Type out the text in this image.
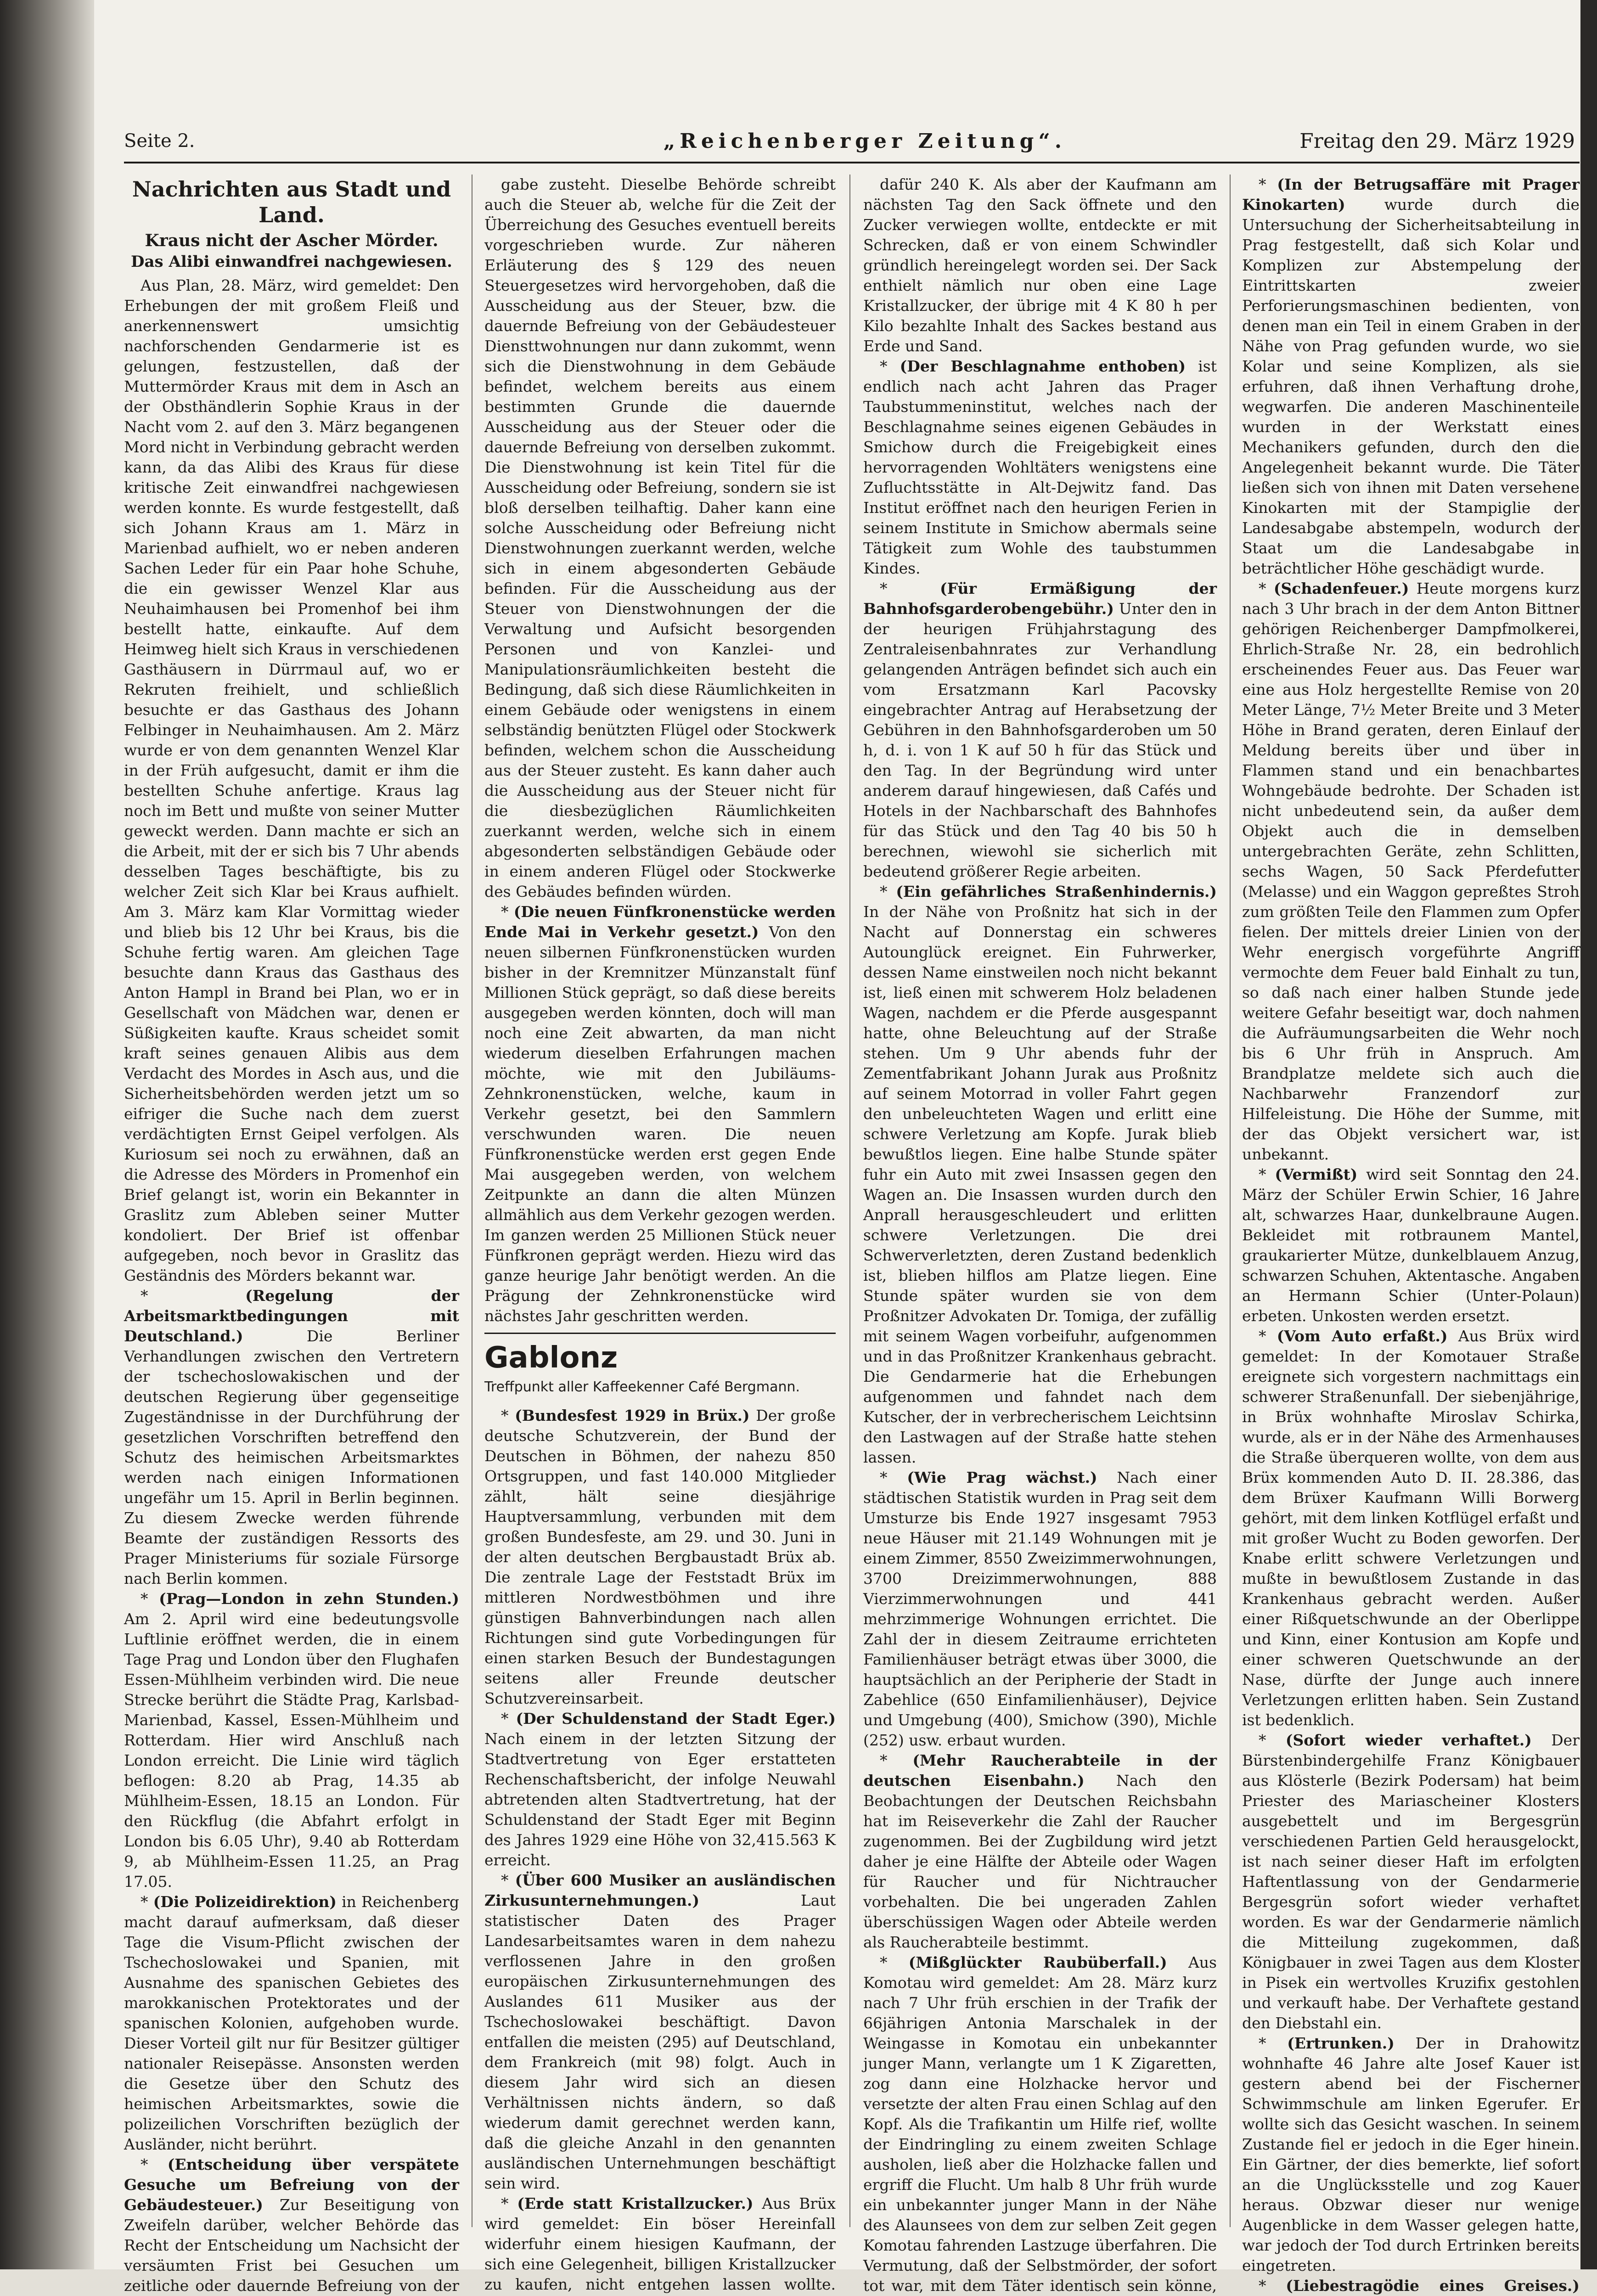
Seite 2.	„Reichenberger Zeitung“.	Freitag den 29. März 1929
Nachrichten aus Stadt und Land.
Kraus nicht der Ascher Mörder.
Das Alibi einwandfrei nachgewiesen.

Aus Plan, 28. März, wird gemeldet: Den Erhebungen der mit großem Fleiß und anerkennenswert umsichtig nachforschenden Gendarmerie ist es gelungen, festzustellen, daß der Muttermörder Kraus mit dem in Asch an der Obsthändlerin Sophie Kraus in der Nacht vom 2. auf den 3. März begangenen Mord nicht in Verbindung gebracht werden kann, da das Alibi des Kraus für diese kritische Zeit einwandfrei nachgewiesen werden konnte. Es wurde festgestellt, daß sich Johann Kraus am 1. März in Marienbad aufhielt, wo er neben anderen Sachen Leder für ein Paar hohe Schuhe, die ein gewisser Wenzel Klar aus Neuhaimhausen bei Promenhof bei ihm bestellt hatte, einkaufte. Auf dem Heimweg hielt sich Kraus in verschiedenen Gasthäusern in Dürrmaul auf, wo er Rekruten freihielt, und schließlich besuchte er das Gasthaus des Johann Felbinger in Neuhaimhausen. Am 2. März wurde er von dem genannten Wenzel Klar in der Früh aufgesucht, damit er ihm die bestellten Schuhe anfertige. Kraus lag noch im Bett und mußte von seiner Mutter geweckt werden. Dann machte er sich an die Arbeit, mit der er sich bis 7 Uhr abends desselben Tages beschäftigte, bis zu welcher Zeit sich Klar bei Kraus aufhielt. Am 3. März kam Klar Vormittag wieder und blieb bis 12 Uhr bei Kraus, bis die Schuhe fertig waren. Am gleichen Tage besuchte dann Kraus das Gasthaus des Anton Hampl in Brand bei Plan, wo er in Gesellschaft von Mädchen war, denen er Süßigkeiten kaufte. Kraus scheidet somit kraft seines genauen Alibis aus dem Verdacht des Mordes in Asch aus, und die Sicherheitsbehörden werden jetzt um so eifriger die Suche nach dem zuerst verdächtigten Ernst Geipel verfolgen. Als Kuriosum sei noch zu erwähnen, daß an die Adresse des Mörders in Promenhof ein Brief gelangt ist, worin ein Bekannter in Graslitz zum Ableben seiner Mutter kondoliert. Der Brief ist offenbar aufgegeben, noch bevor in Graslitz das Geständnis des Mörders bekannt war.

* (Regelung der Arbeitsmarktbedingungen mit Deutschland.)	Die Berliner Verhandlungen zwischen den Vertretern der tschechoslowakischen und der deutschen Regierung über gegenseitige Zugeständnisse in der Durchführung der gesetzlichen Vorschriften betreffend den Schutz des heimischen Arbeitsmarktes werden nach einigen Informationen ungefähr um 15. April in Berlin beginnen. Zu diesem Zwecke werden führende Beamte der zuständigen Ressorts des Prager Ministeriums für soziale Fürsorge nach Berlin kommen.

* (Prag—London in zehn Stunden.) Am 2. April wird eine bedeutungsvolle Luftlinie eröffnet werden, die in einem Tage Prag und London über den Flughafen Essen-Mühlheim verbinden wird. Die neue Strecke berührt die Städte Prag, Karlsbad-Marienbad, Kassel, Essen-Mühlheim und Rotterdam. Hier wird Anschluß nach London erreicht. Die Linie wird täglich beflogen: 8.20 ab Prag, 14.35 ab Mühlheim-Essen, 18.15 an London. Für den Rückflug (die Abfahrt erfolgt in London bis 6.05 Uhr), 9.40 ab Rotterdam 9, ab Mühlheim-Essen 11.25, an Prag 17.05.

* (Die Polizeidirektion) in Reichenberg macht darauf aufmerksam, daß dieser Tage die Visum-Pflicht zwischen der Tschechoslowakei und Spanien, mit Ausnahme des spanischen Gebietes des marokkanischen Protektorates und der spanischen Kolonien, aufgehoben wurde. Dieser Vorteil gilt nur für Besitzer gültiger nationaler Reisepässe. Ansonsten werden die Gesetze über den Schutz des heimischen Arbeitsmarktes, sowie die polizeilichen Vorschriften bezüglich der Ausländer, nicht berührt.

* (Entscheidung über verspätete Gesuche um Befreiung von der Gebäudesteuer.) Zur Beseitigung von Zweifeln darüber, welcher Behörde das Recht der Entscheidung um Nachsicht der versäumten Frist bei Gesuchen um zeitliche oder dauernde Befreiung von der

gabe zusteht. Dieselbe Behörde schreibt auch die Steuer ab, welche für die Zeit der Überreichung des Gesuches eventuell bereits vorgeschrieben wurde. Zur näheren Erläuterung des § 129 des neuen Steuergesetzes wird hervorgehoben, daß die Ausscheidung aus der Steuer, bzw. die dauernde Befreiung von der Gebäudesteuer Diensttwohnungen nur dann zukommt, wenn sich die Dienstwohnung in dem Gebäude befindet, welchem bereits aus einem bestimmten Grunde die dauernde Ausscheidung aus der Steuer oder die dauernde Befreiung von derselben zukommt. Die Dienstwohnung ist kein Titel für die Ausscheidung oder Befreiung, sondern sie ist bloß derselben teilhaftig. Daher kann eine solche Ausscheidung oder Befreiung nicht Dienstwohnungen zuerkannt werden, welche sich in einem abgesonderten Gebäude befinden. Für die Ausscheidung aus der Steuer von Dienstwohnungen der die Verwaltung und Aufsicht besorgenden Personen und von Kanzlei- und Manipulationsräumlichkeiten besteht die Bedingung, daß sich diese Räumlichkeiten in einem Gebäude oder wenigstens in einem selbständig benützten Flügel oder Stockwerk befinden, welchem schon die Ausscheidung aus der Steuer zusteht. Es kann daher auch die Ausscheidung aus der Steuer nicht für die diesbezüglichen Räumlichkeiten zuerkannt werden, welche sich in einem abgesonderten selbständigen Gebäude oder in einem anderen Flügel oder Stockwerke des Gebäudes befinden würden.

* (Die neuen Fünfkronenstücke werden Ende Mai in Verkehr gesetzt.) Von den neuen silbernen Fünfkronenstücken wurden bisher in der Kremnitzer Münzanstalt fünf Millionen Stück geprägt, so daß diese bereits ausgegeben werden könnten, doch will man noch eine Zeit abwarten, da man nicht wiederum dieselben Erfahrungen machen möchte, wie mit den Jubiläums-Zehnkronenstücken, welche, kaum in Verkehr gesetzt, bei den Sammlern verschwunden waren. Die neuen Fünfkronenstücke werden erst gegen Ende Mai ausgegeben werden, von welchem Zeitpunkte an dann die alten Münzen allmählich aus dem Verkehr gezogen werden. Im ganzen werden 25 Millionen Stück neuer Fünfkronen geprägt werden. Hiezu wird das ganze heurige Jahr benötigt werden. An die Prägung der Zehnkronenstücke wird nächstes Jahr geschritten werden.

Gablonz
Treffpunkt aller Kaffeekenner Café Bergmann.

* (Bundesfest 1929 in Brüx.) Der große deutsche Schutzverein, der Bund der Deutschen in Böhmen, der nahezu 850 Ortsgruppen, und fast 140.000 Mitglieder zählt, hält seine diesjährige Hauptversammlung, verbunden mit dem großen Bundesfeste, am 29. und 30. Juni in der alten deutschen Bergbaustadt Brüx ab. Die zentrale Lage der Feststadt Brüx im mittleren Nordwestböhmen und ihre günstigen Bahnverbindungen nach allen Richtungen sind gute Vorbedingungen für einen starken Besuch der Bundestagungen seitens aller Freunde deutscher Schutzvereinsarbeit.

* (Der Schuldenstand der Stadt Eger.) Nach einem in der letzten Sitzung der Stadtvertretung von Eger erstatteten Rechenschaftsbericht, der infolge Neuwahl abtretenden alten Stadtvertretung, hat der Schuldenstand der Stadt Eger mit Beginn des Jahres 1929 eine Höhe von 32,415.563 K erreicht.

* (Über 600 Musiker an ausländischen Zirkusunternehmungen.)	Laut statistischer Daten des Prager Landesarbeitsamtes waren in dem nahezu verflossenen Jahre in den großen europäischen Zirkusunternehmungen des Auslandes 611 Musiker aus der Tschechoslowakei beschäftigt. Davon entfallen die meisten (295) auf Deutschland, dem Frankreich (mit 98) folgt. Auch in diesem Jahr wird sich an diesen Verhältnissen nichts ändern, so daß wiederum damit gerechnet werden kann, daß die gleiche Anzahl in den genannten ausländischen Unternehmungen beschäftigt sein wird.

* (Erde statt Kristallzucker.) Aus Brüx wird gemeldet: Ein böser Hereinfall widerfuhr einem hiesigen Kaufmann, der sich eine Gelegenheit, billigen Kristallzucker zu kaufen, nicht entgehen lassen wollte.

dafür 240 K. Als aber der Kaufmann am nächsten Tag den Sack öffnete und den Zucker verwiegen wollte, entdeckte er mit Schrecken, daß er von einem Schwindler gründlich hereingelegt worden sei. Der Sack enthielt nämlich nur oben eine Lage Kristallzucker, der übrige mit 4 K 80 h per Kilo bezahlte Inhalt des Sackes bestand aus Erde und Sand.

* (Der Beschlagnahme enthoben) ist endlich nach acht Jahren das Prager Taubstummeninstitut, welches nach der Beschlagnahme seines eigenen Gebäudes in Smichow durch die Freigebigkeit eines hervorragenden Wohltäters wenigstens eine Zufluchtsstätte in Alt-Dejwitz fand. Das Institut eröffnet nach den heurigen Ferien in seinem Institute in Smichow abermals seine Tätigkeit zum Wohle des taubstummen Kindes.

* (Für Ermäßigung der Bahnhofsgarderobengebühr.) Unter den in der heurigen Frühjahrstagung des Zentraleisenbahnrates zur Verhandlung gelangenden Anträgen befindet sich auch ein vom Ersatzmann Karl Pacovsky eingebrachter Antrag auf Herabsetzung der Gebühren in den Bahnhofsgarderoben um 50 h, d. i. von 1 K auf 50 h für das Stück und den Tag. In der Begründung wird unter anderem darauf hingewiesen, daß Cafés und Hotels in der Nachbarschaft des Bahnhofes für das Stück und den Tag 40 bis 50 h berechnen, wiewohl sie sicherlich mit bedeutend größerer Regie arbeiten.

* (Ein gefährliches Straßenhindernis.) In der Nähe von Proßnitz hat sich in der Nacht auf Donnerstag ein schweres Autounglück ereignet. Ein Fuhrwerker, dessen Name einstweilen noch nicht bekannt ist, ließ einen mit schwerem Holz beladenen Wagen, nachdem er die Pferde ausgespannt hatte, ohne Beleuchtung auf der Straße stehen. Um 9 Uhr abends fuhr der Zementfabrikant Johann Jurak aus Proßnitz auf seinem Motorrad in voller Fahrt gegen den unbeleuchteten Wagen und erlitt eine schwere Verletzung am Kopfe. Jurak blieb bewußtlos liegen. Eine halbe Stunde später fuhr ein Auto mit zwei Insassen gegen den Wagen an. Die Insassen wurden durch den Anprall herausgeschleudert und erlitten schwere Verletzungen. Die drei Schwerverletzten, deren Zustand bedenklich ist, blieben hilflos am Platze liegen. Eine Stunde später wurden sie von dem Proßnitzer Advokaten Dr. Tomiga, der zufällig mit seinem Wagen vorbeifuhr, aufgenommen und in das Proßnitzer Krankenhaus gebracht. Die Gendarmerie hat die Erhebungen aufgenommen und fahndet nach dem Kutscher, der in verbrecherischem Leichtsinn den Lastwagen auf der Straße hatte stehen lassen.

* (Wie Prag wächst.) Nach einer städtischen Statistik wurden in Prag seit dem Umsturze bis Ende 1927 insgesamt 7953 neue Häuser mit 21.149 Wohnungen mit je einem Zimmer, 8550 Zweizimmerwohnungen, 3700 Dreizimmerwohnungen, 888 Vierzimmerwohnungen und 441 mehrzimmerige Wohnungen errichtet. Die Zahl der in diesem Zeitraume errichteten Familienhäuser beträgt etwas über 3000, die hauptsächlich an der Peripherie der Stadt in Zabehlice (650 Einfamilienhäuser), Dejvice und Umgebung (400), Smichow (390), Michle (252) usw. erbaut wurden.

* (Mehr Raucherabteile in der deutschen Eisenbahn.) Nach den Beobachtungen der Deutschen Reichsbahn hat im Reiseverkehr die Zahl der Raucher zugenommen. Bei der Zugbildung wird jetzt daher je eine Hälfte der Abteile oder Wagen für Raucher und für Nichtraucher vorbehalten. Die bei ungeraden Zahlen überschüssigen Wagen oder Abteile werden als Raucherabteile bestimmt.

* (Mißglückter Raubüberfall.) Aus Komotau wird gemeldet: Am 28. März kurz nach 7 Uhr früh erschien in der Trafik der 66jährigen Antonia Marschalek in der Weingasse in Komotau ein unbekannter junger Mann, verlangte um 1 K Zigaretten, zog dann eine Holzhacke hervor und versetzte der alten Frau einen Schlag auf den Kopf. Als die Trafikantin um Hilfe rief, wollte der Eindringling zu einem zweiten Schlage ausholen, ließ aber die Holzhacke fallen und ergriff die Flucht. Um halb 8 Uhr früh wurde ein unbekannter junger Mann in der Nähe des Alaunsees von dem zur selben Zeit gegen Komotau fahrenden Lastzuge überfahren. Die Vermutung, daß der Selbstmörder, der sofort tot war, mit dem Täter identisch sein könne,

* (In der Betrugsaffäre mit Prager Kinokarten)	wurde durch die Untersuchung der Sicherheitsabteilung in Prag festgestellt, daß sich Kolar und Komplizen zur Abstempelung der Eintrittskarten zweier Perforierungsmaschinen bedienten, von denen man ein Teil in einem Graben in der Nähe von Prag gefunden wurde, wo sie Kolar und seine Komplizen, als sie erfuhren, daß ihnen Verhaftung drohe, wegwarfen. Die anderen Maschinenteile wurden in der Werkstatt eines Mechanikers gefunden, durch den die Angelegenheit bekannt wurde. Die Täter ließen sich von ihnen mit Daten versehene Kinokarten mit der Stampiglie der Landesabgabe abstempeln, wodurch der Staat um die Landesabgabe in beträchtlicher Höhe geschädigt wurde.

* (Schadenfeuer.) Heute morgens kurz nach 3 Uhr brach in der dem Anton Bittner gehörigen Reichenberger Dampfmolkerei, Ehrlich-Straße Nr. 28, ein bedrohlich erscheinendes Feuer aus. Das Feuer war eine aus Holz hergestellte Remise von 20 Meter Länge, 7½ Meter Breite und 3 Meter Höhe in Brand geraten, deren Einlauf der Meldung bereits über und über in Flammen stand und ein benachbartes Wohngebäude bedrohte. Der Schaden ist nicht unbedeutend sein, da außer dem Objekt auch die in demselben untergebrachten Geräte, zehn Schlitten, sechs Wagen, 50 Sack Pferdefutter (Melasse) und ein Waggon gepreßtes Stroh zum größten Teile den Flammen zum Opfer fielen. Der mittels dreier Linien von der Wehr energisch vorgeführte Angriff vermochte dem Feuer bald Einhalt zu tun, so daß nach einer halben Stunde jede weitere Gefahr beseitigt war, doch nahmen die Aufräumungsarbeiten die Wehr noch bis 6 Uhr früh in Anspruch. Am Brandplatze meldete sich auch die Nachbarwehr Franzendorf zur Hilfeleistung. Die Höhe der Summe, mit der das Objekt versichert war, ist unbekannt.

* (Vermißt) wird seit Sonntag den 24. März der Schüler Erwin Schier, 16 Jahre alt, schwarzes Haar, dunkelbraune Augen. Bekleidet mit rotbraunem Mantel, graukarierter Mütze, dunkelblauem Anzug, schwarzen Schuhen, Aktentasche. Angaben an Hermann Schier (Unter-Polaun) erbeten. Unkosten werden ersetzt.

* (Vom Auto erfaßt.) Aus Brüx wird gemeldet: In der Komotauer Straße ereignete sich vorgestern nachmittags ein schwerer Straßenunfall. Der siebenjährige, in Brüx wohnhafte Miroslav Schirka, wurde, als er in der Nähe des Armenhauses die Straße überqueren wollte, von dem aus Brüx kommenden Auto D. II. 28.386, das dem Brüxer Kaufmann Willi Borwerg gehört, mit dem linken Kotflügel erfaßt und mit großer Wucht zu Boden geworfen. Der Knabe erlitt schwere Verletzungen und mußte in bewußtlosem Zustande in das Krankenhaus gebracht werden. Außer einer Rißquetschwunde an der Oberlippe und Kinn, einer Kontusion am Kopfe und einer schweren Quetschwunde an der Nase, dürfte der Junge auch innere Verletzungen erlitten haben. Sein Zustand ist bedenklich.

* (Sofort wieder verhaftet.) Der Bürstenbindergehilfe Franz Königbauer aus Klösterle (Bezirk Podersam) hat beim Priester des Mariascheiner Klosters ausgebettelt und im Bergesgrün verschiedenen Partien Geld herausgelockt, ist nach seiner dieser Haft im erfolgten Haftentlassung von der Gendarmerie Bergesgrün sofort wieder verhaftet worden. Es war der Gendarmerie nämlich die Mitteilung zugekommen, daß Königbauer in zwei Tagen aus dem Kloster in Pisek ein wertvolles Kruzifix gestohlen und verkauft habe. Der Verhaftete gestand den Diebstahl ein.

* (Ertrunken.) Der in Drahowitz wohnhafte 46 Jahre alte Josef Kauer ist gestern abend bei der Fischerner Schwimmschule am linken Egerufer. Er wollte sich das Gesicht waschen. In seinem Zustande fiel er jedoch in die Eger hinein. Ein Gärtner, der dies bemerkte, lief sofort an die Unglücksstelle und zog Kauer heraus. Obzwar dieser nur wenige Augenblicke in dem Wasser gelegen hatte, war jedoch der Tod durch Ertrinken bereits eingetreten.

* (Liebestragödie eines Greises.)
